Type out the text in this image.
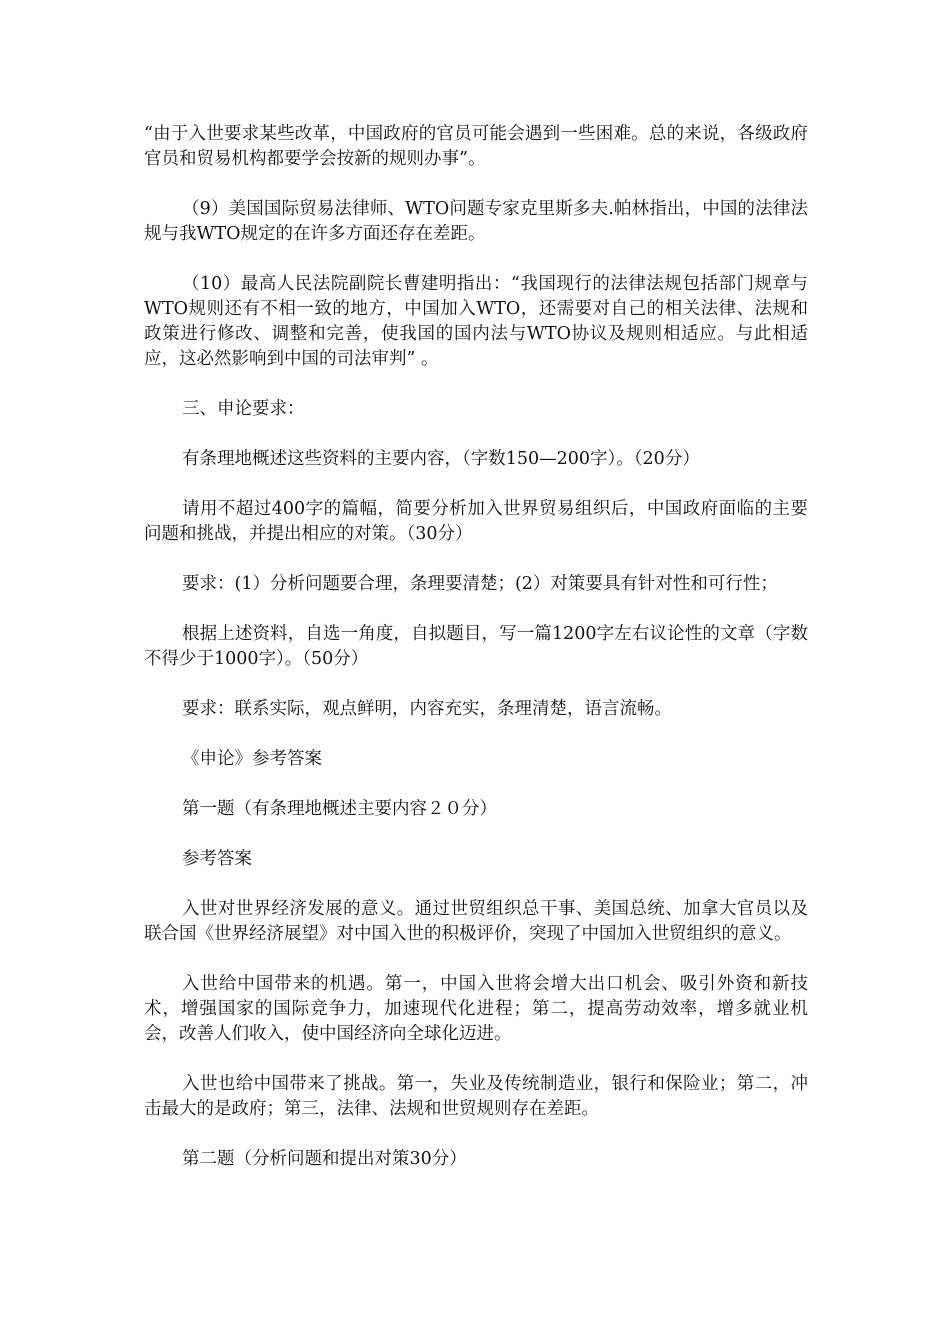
“由于入世要求某些改革，中国政府的官员可能会遇到一些困难。总的来说，各级政府官员和贸易机构都要学会按新的规则办事”。

（9）美国国际贸易法律师、WTO问题专家克里斯多夫.帕林指出，中国的法律法规与我WTO规定的在许多方面还存在差距。

（10）最高人民法院副院长曹建明指出：“我国现行的法律法规包括部门规章与WTO规则还有不相一致的地方，中国加入WTO，还需要对自己的相关法律、法规和政策进行修改、调整和完善，使我国的国内法与WTO协议及规则相适应。与此相适应，这必然影响到中国的司法审判” 。

三、申论要求：

有条理地概述这些资料的主要内容，（字数150—200字）。（20分）

请用不超过400字的篇幅，简要分析加入世界贸易组织后，中国政府面临的主要问题和挑战，并提出相应的对策。（30分）

要求：(1）分析问题要合理，条理要清楚；(2）对策要具有针对性和可行性；

根据上述资料，自选一角度，自拟题目，写一篇1200字左右议论性的文章（字数不得少于1000字）。（50分）

要求：联系实际，观点鲜明，内容充实，条理清楚，语言流畅。

《申论》参考答案

第一题（有条理地概述主要内容２０分）

参考答案

入世对世界经济发展的意义。通过世贸组织总干事、美国总统、加拿大官员以及联合国《世界经济展望》对中国入世的积极评价，突现了中国加入世贸组织的意义。

入世给中国带来的机遇。第一，中国入世将会增大出口机会、吸引外资和新技术，增强国家的国际竞争力，加速现代化进程；第二，提高劳动效率，增多就业机会，改善人们收入，使中国经济向全球化迈进。

入世也给中国带来了挑战。第一，失业及传统制造业，银行和保险业；第二，冲击最大的是政府；第三，法律、法规和世贸规则存在差距。

第二题（分析问题和提出对策30分）
